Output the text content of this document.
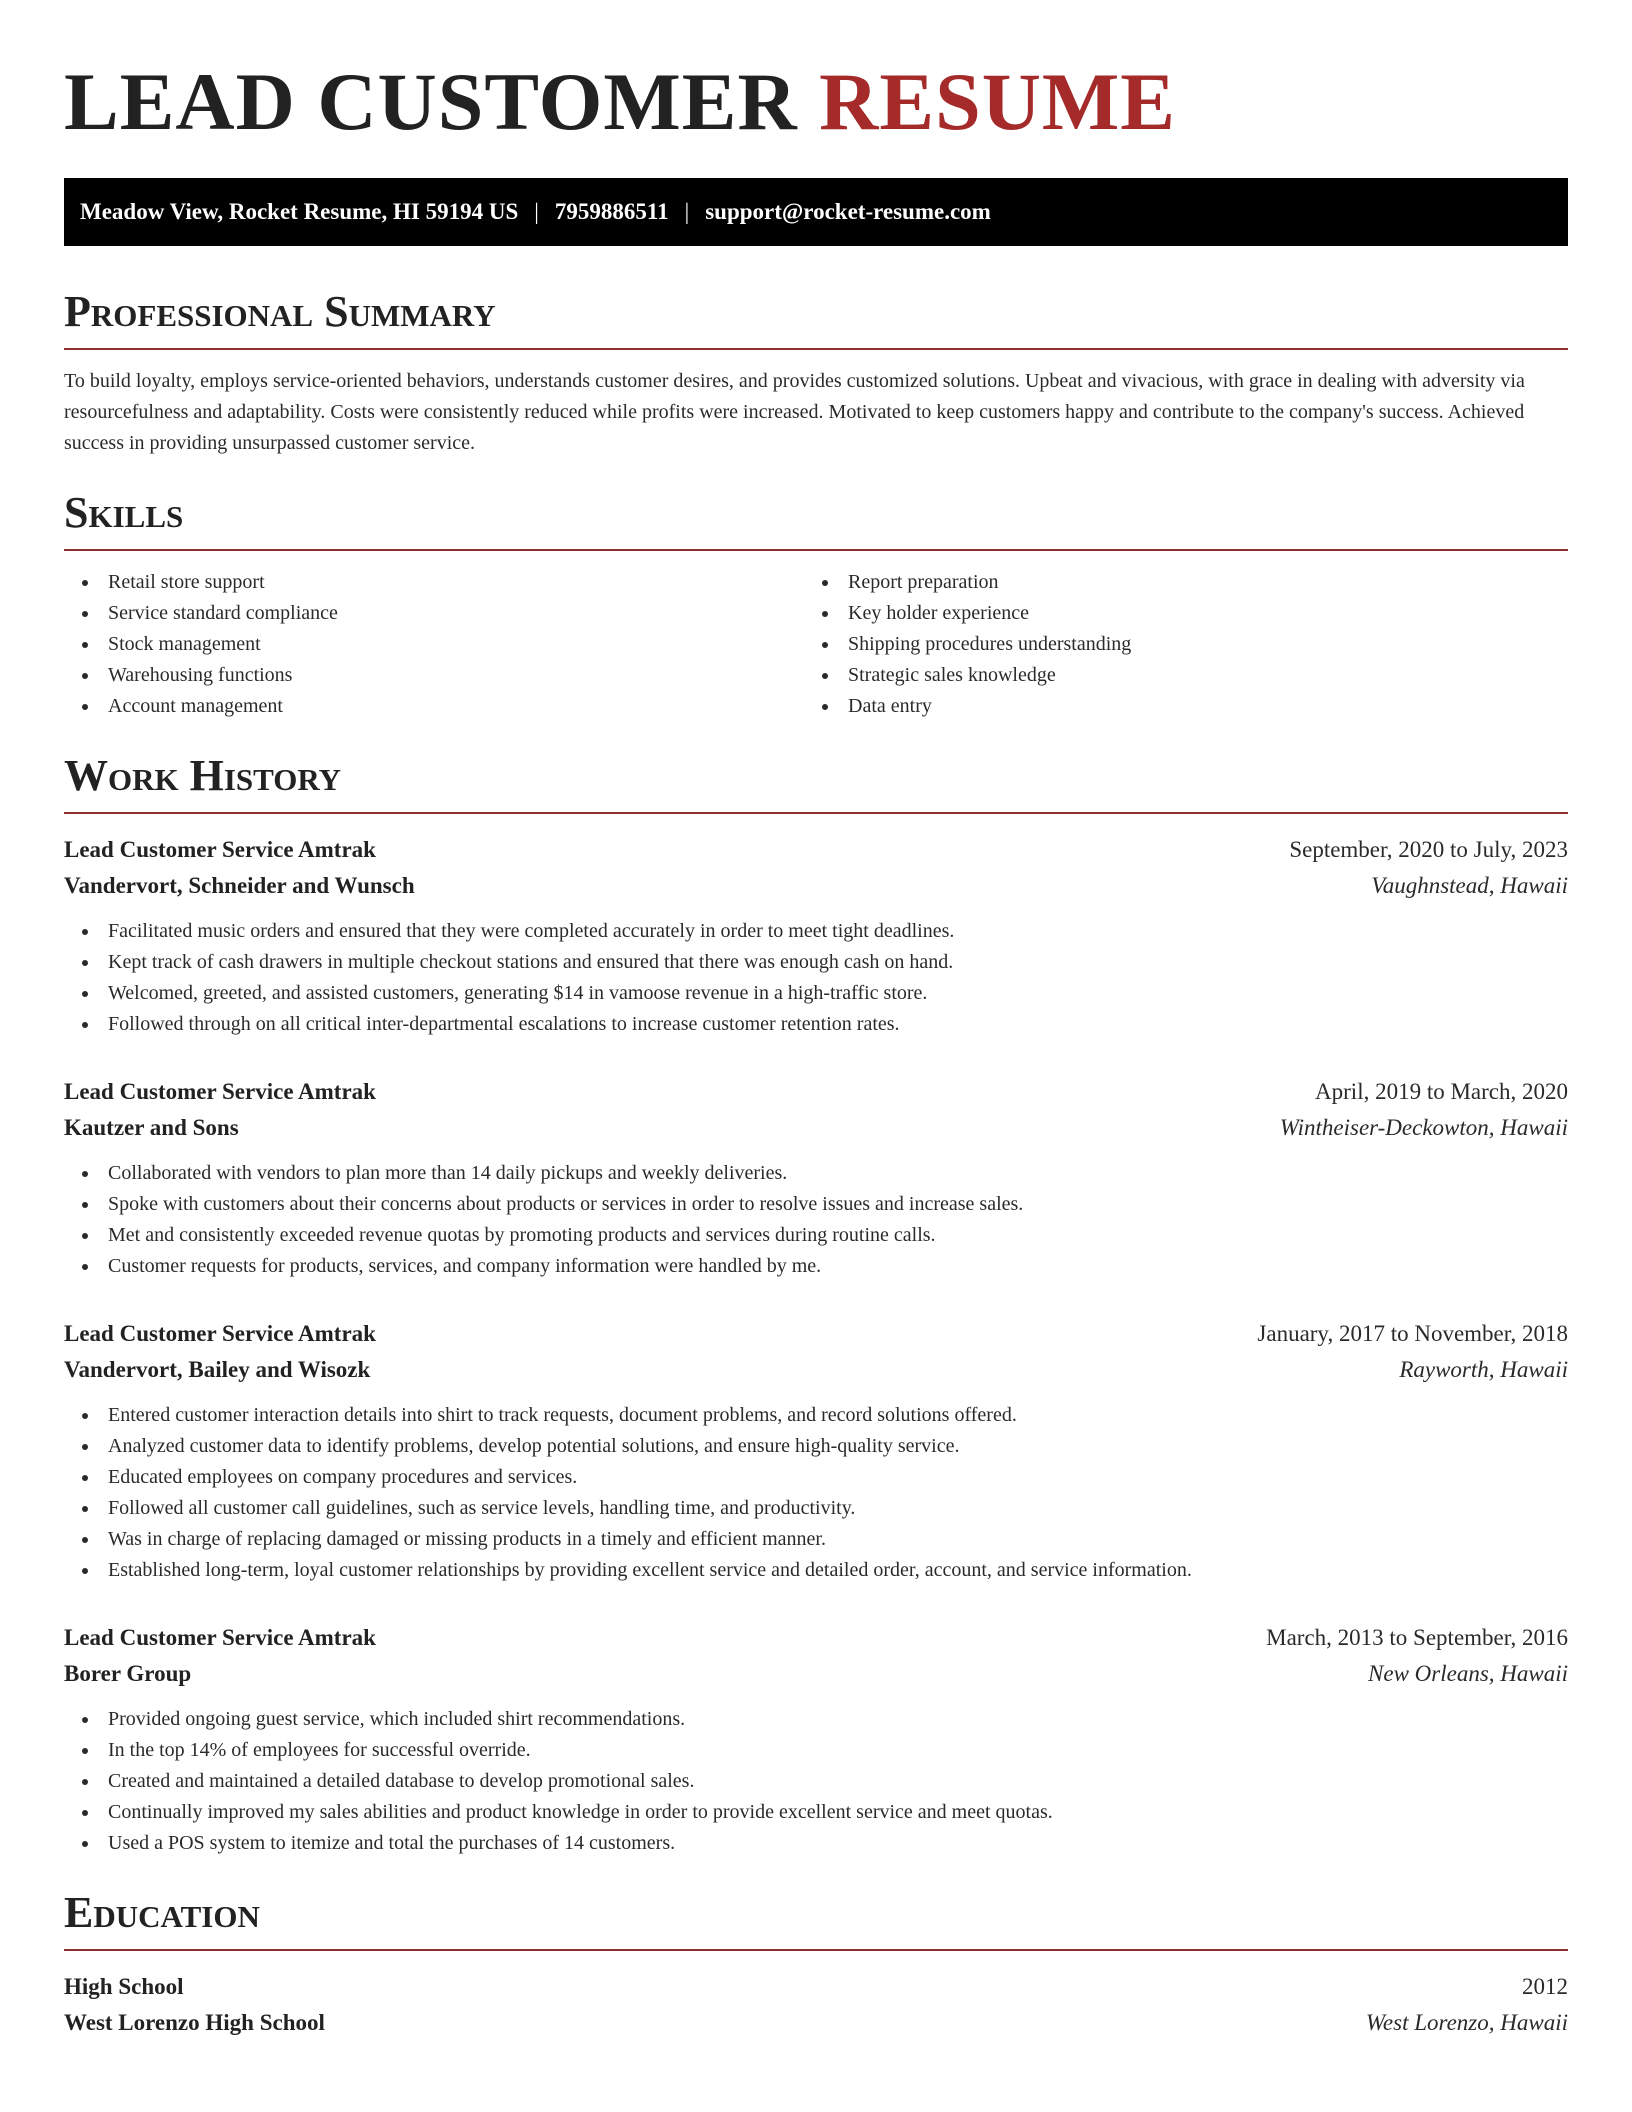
LEAD CUSTOMER RESUME
Meadow View, Rocket Resume, HI 59194 US | 7959886511 | support@rocket-resume.com
Professional Summary

To build loyalty, employs service-oriented behaviors, understands customer desires, and provides customized solutions. Upbeat and vivacious, with grace in dealing with adversity via resourcefulness and adaptability. Costs were consistently reduced while profits were increased. Motivated to keep customers happy and contribute to the company's success. Achieved success in providing unsurpassed customer service.

Skills
Retail store support
Service standard compliance
Stock management
Warehousing functions
Account management
Report preparation
Key holder experience
Shipping procedures understanding
Strategic sales knowledge
Data entry
Work History
Lead Customer Service Amtrak	September, 2020 to July, 2023
Vandervort, Schneider and Wunsch	Vaughnstead, Hawaii
Facilitated music orders and ensured that they were completed accurately in order to meet tight deadlines.
Kept track of cash drawers in multiple checkout stations and ensured that there was enough cash on hand.
Welcomed, greeted, and assisted customers, generating $14 in vamoose revenue in a high-traffic store.
Followed through on all critical inter-departmental escalations to increase customer retention rates.
Lead Customer Service Amtrak	April, 2019 to March, 2020
Kautzer and Sons	Wintheiser-Deckowton, Hawaii
Collaborated with vendors to plan more than 14 daily pickups and weekly deliveries.
Spoke with customers about their concerns about products or services in order to resolve issues and increase sales.
Met and consistently exceeded revenue quotas by promoting products and services during routine calls.
Customer requests for products, services, and company information were handled by me.
Lead Customer Service Amtrak	January, 2017 to November, 2018
Vandervort, Bailey and Wisozk	Rayworth, Hawaii
Entered customer interaction details into shirt to track requests, document problems, and record solutions offered.
Analyzed customer data to identify problems, develop potential solutions, and ensure high-quality service.
Educated employees on company procedures and services.
Followed all customer call guidelines, such as service levels, handling time, and productivity.
Was in charge of replacing damaged or missing products in a timely and efficient manner.
Established long-term, loyal customer relationships by providing excellent service and detailed order, account, and service information.
Lead Customer Service Amtrak	March, 2013 to September, 2016
Borer Group	New Orleans, Hawaii
Provided ongoing guest service, which included shirt recommendations.
In the top 14% of employees for successful override.
Created and maintained a detailed database to develop promotional sales.
Continually improved my sales abilities and product knowledge in order to provide excellent service and meet quotas.
Used a POS system to itemize and total the purchases of 14 customers.
Education
High School	2012
West Lorenzo High School	West Lorenzo, Hawaii
